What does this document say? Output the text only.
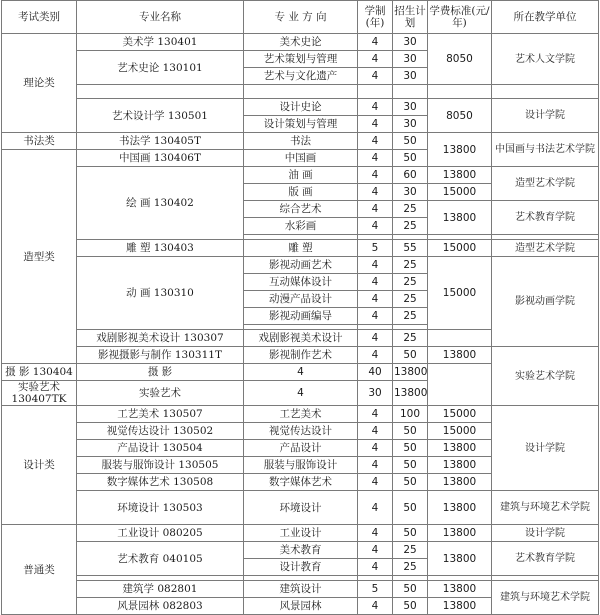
考试类别	专业名称	专 业 方 向	学制(年)	招生计划	学费标准(元/年)	所在教学单位
理论类	美术学 130401	美术史论	4	30	8050	艺术人文学院
	艺术史论 130101	艺术策划与管理	4	30		
		艺术与文化遗产	4	30		

	艺术设计学 130501	设计史论	4	30	8050	设计学院
		设计策划与管理	4	30		
书法类	书法学 130405T	书法	4	50	13800	中国画与书法艺术学院
造型类	中国画 130406T	中国画	4	50		
	绘 画 130402	油 画	4	60	13800	造型艺术学院
		版 画	4	30	15000	
		综合艺术	4	25	13800	艺术教育学院
		水彩画	4	25		

	雕 塑 130403	雕 塑	5	55	15000	造型艺术学院
	动 画 130310	影视动画艺术	4	25	15000	影视动画学院
		互动媒体设计	4	25		
		动漫产品设计	4	25		
		影视动画编导	4	25		

	戏剧影视美术设计 130307	戏剧影视美术设计	4	25		
	影视摄影与制作 130311T	影视制作艺术	4	50	13800	实验艺术学院
摄 影 130404	摄 影	4	40	13800		
实验艺术 130407TK	实验艺术	4	30	13800		
设计类	工艺美术 130507	工艺美术	4	100	15000	设计学院
	视觉传达设计 130502	视觉传达设计	4	50	15000	
	产品设计 130504	产品设计	4	50	13800	
	服装与服饰设计 130505	服装与服饰设计	4	50	13800	
	数字媒体艺术 130508	数字媒体艺术	4	50	13800	
	环境设计 130503	环境设计	4	50	13800	建筑与环境艺术学院

普通类	工业设计 080205	工业设计	4	50	13800	设计学院
	艺术教育 040105	美术教育	4	25	13800	艺术教育学院
		设计教育	4	25		

	建筑学 082801	建筑设计	5	50	13800	建筑与环境艺术学院
	风景园林 082803	风景园林	4	50	13800	
